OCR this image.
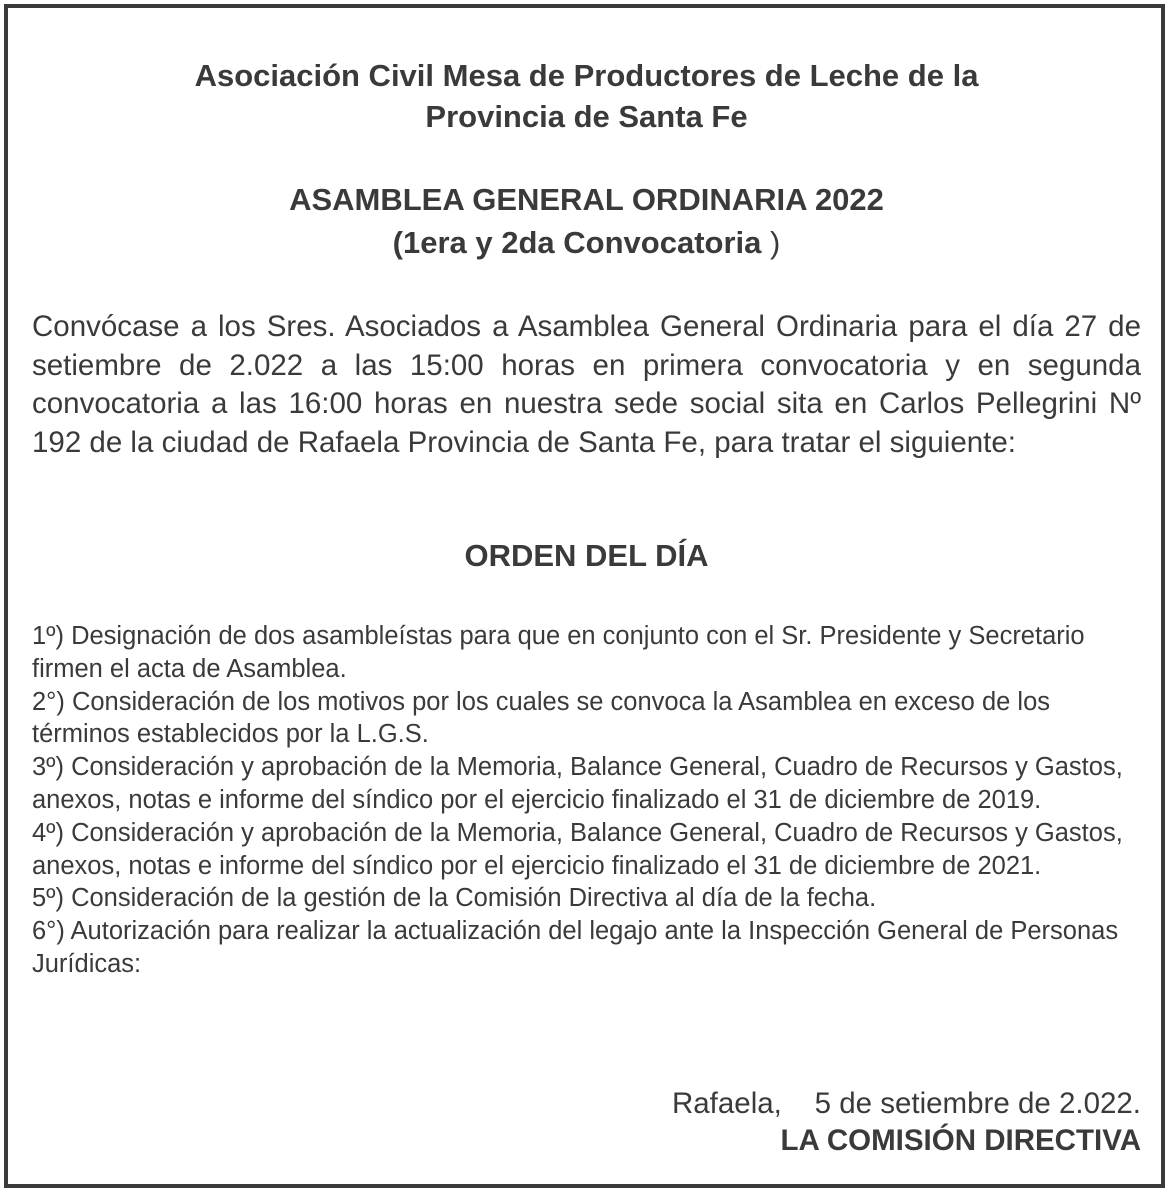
Asociación Civil Mesa de Productores de Leche de la
Provincia de Santa Fe
ASAMBLEA GENERAL ORDINARIA 2022
(1era y 2da Convocatoria )

Convócase a los Sres. Asociados a Asamblea General Ordinaria para el día 27 de setiembre de 2.022 a las 15:00 horas en primera convocatoria y en segunda convocatoria a las 16:00 horas en nuestra sede social sita en Carlos Pellegrini Nº 192 de la ciudad de Rafaela Provincia de Santa Fe, para tratar el siguiente:

ORDEN DEL DÍA
1º) Designación de dos asambleístas para que en conjunto con el Sr. Presidente y Secretario firmen el acta de Asamblea.
2°) Consideración de los motivos por los cuales se convoca la Asamblea en exceso de los términos establecidos por la L.G.S.
3º) Consideración y aprobación de la Memoria, Balance General, Cuadro de Recursos y Gastos, anexos, notas e informe del síndico por el ejercicio finalizado el 31 de diciembre de 2019.
4º) Consideración y aprobación de la Memoria, Balance General, Cuadro de Recursos y Gastos, anexos, notas e informe del síndico por el ejercicio finalizado el 31 de diciembre de 2021.
5º) Consideración de la gestión de la Comisión Directiva al día de la fecha.
6°) Autorización para realizar la actualización del legajo ante la Inspección General de Personas Jurídicas:
Rafaela,    5 de setiembre de 2.022.
LA COMISIÓN DIRECTIVA
